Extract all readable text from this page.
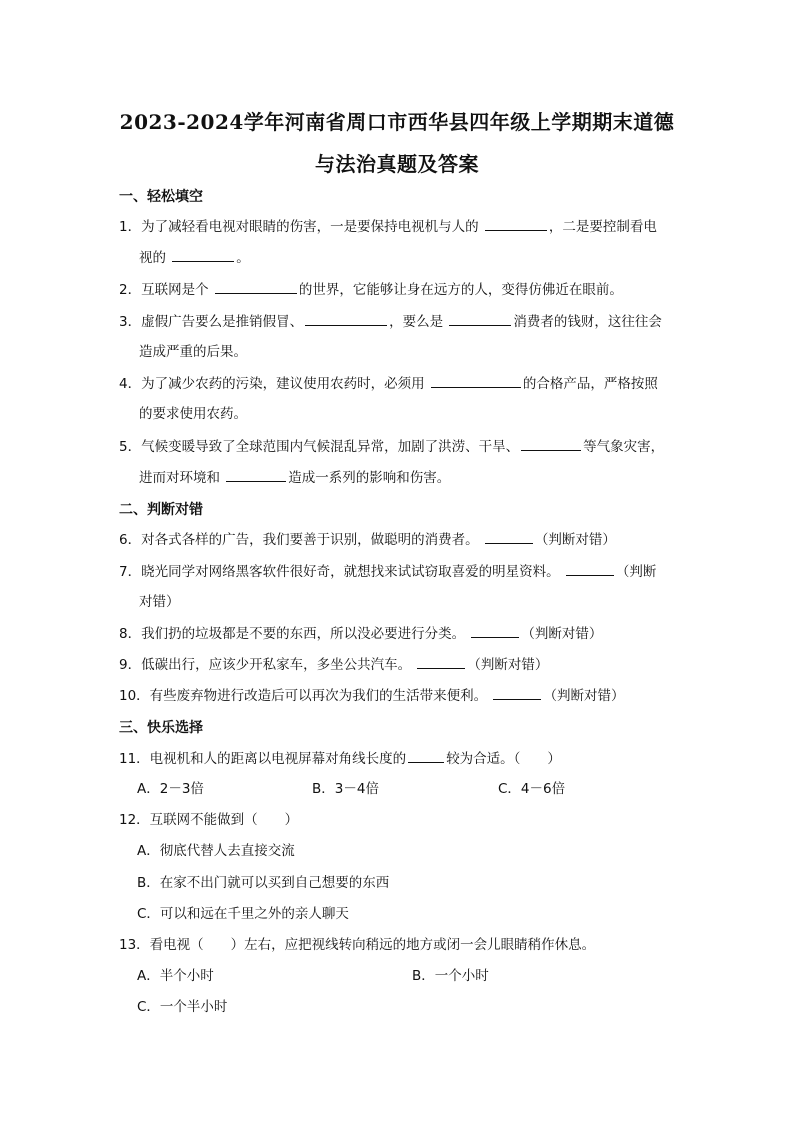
2023-2024学年河南省周口市西华县四年级上学期期末道德
与法治真题及答案
一、轻松填空
1．为了减轻看电视对眼睛的伤害，一是要保持电视机与人的	，二是要控制看电
视的	。
2．互联网是个	的世界，它能够让身在远方的人，变得仿佛近在眼前。
3．虚假广告要么是推销假冒、	，要么是	消费者的钱财，这往往会
造成严重的后果。
4．为了减少农药的污染，建议使用农药时，必须用	的合格产品，严格按照
的要求使用农药。
5．气候变暖导致了全球范围内气候混乱异常，加剧了洪涝、干旱、	等气象灾害，
进而对环境和	造成一系列的影响和伤害。
二、判断对错
6．对各式各样的广告，我们要善于识别，做聪明的消费者。	（判断对错）
7．晓光同学对网络黑客软件很好奇，就想找来试试窃取喜爱的明星资料。	（判断
对错）
8．我们扔的垃圾都是不要的东西，所以没必要进行分类。	（判断对错）
9．低碳出行，应该少开私家车，多坐公共汽车。	（判断对错）
10．有些废弃物进行改造后可以再次为我们的生活带来便利。	（判断对错）
三、快乐选择
11．电视机和人的距离以电视屏幕对角线长度的	较为合适。（　　）
A．2－3倍	B．3－4倍	C．4－6倍
12．互联网不能做到（　　）
A．彻底代替人去直接交流
B．在家不出门就可以买到自己想要的东西
C．可以和远在千里之外的亲人聊天
13．看电视（　　）左右，应把视线转向稍远的地方或闭一会儿眼睛稍作休息。
A．半个小时	B．一个小时
C．一个半小时
